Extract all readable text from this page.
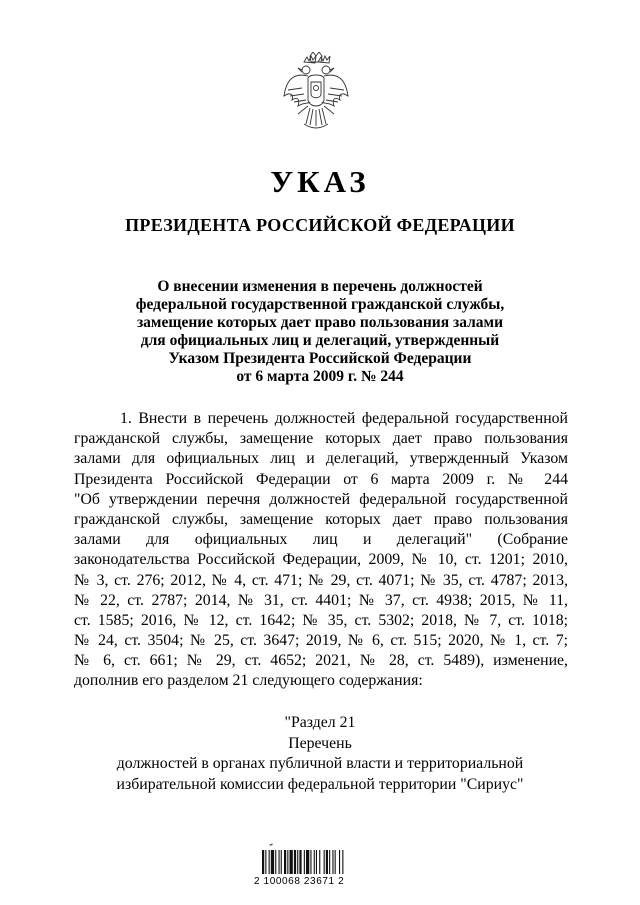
УКАЗ
ПРЕЗИДЕНТА РОССИЙСКОЙ ФЕДЕРАЦИИ
О внесении изменения в перечень должностей
федеральной государственной гражданской службы,
замещение которых дает право пользования залами
для официальных лиц и делегаций, утвержденный
Указом Президента Российской Федерации
от 6 марта 2009 г. № 244
1. Внести в перечень должностей федеральной государственной
гражданской службы, замещение которых дает право пользования
залами для официальных лиц и делегаций, утвержденный Указом
Президента Российской Федерации от 6 марта 2009 г. № 244
"Об утверждении перечня должностей федеральной государственной
гражданской службы, замещение которых дает право пользования
залами для официальных лиц и делегаций" (Собрание
законодательства Российской Федерации, 2009, № 10, ст. 1201; 2010,
№ 3, ст. 276; 2012, № 4, ст. 471; № 29, ст. 4071; № 35, ст. 4787; 2013,
№ 22, ст. 2787; 2014, № 31, ст. 4401; № 37, ст. 4938; 2015, № 11,
ст. 1585; 2016, № 12, ст. 1642; № 35, ст. 5302; 2018, № 7, ст. 1018;
№ 24, ст. 3504; № 25, ст. 3647; 2019, № 6, ст. 515; 2020, № 1, ст. 7;
№ 6, ст. 661; № 29, ст. 4652; 2021, № 28, ст. 5489), изменение,
дополнив его разделом 21 следующего содержания:
"Раздел 21
Перечень
должностей в органах публичной власти и территориальной
избирательной комиссии федеральной территории "Сириус"
✒
2 100068 23671 2
